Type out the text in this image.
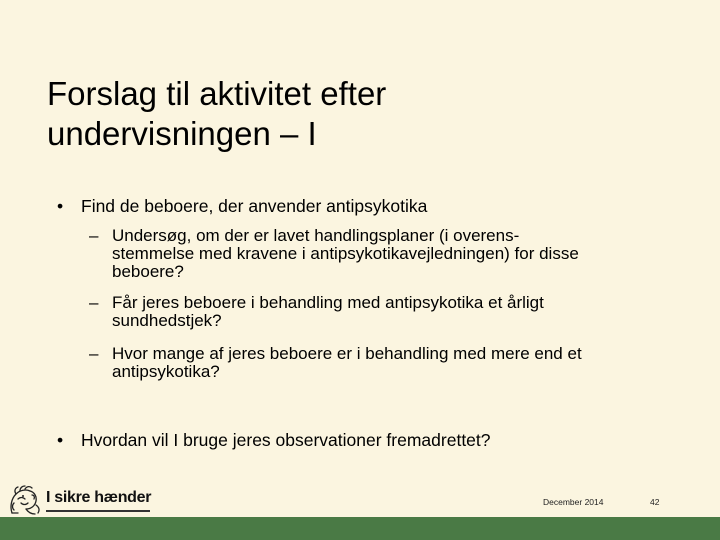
Forslag til aktivitet efter
undervisningen – I
•	Find de beboere, der anvender antipsykotika
– Undersøg, om der er lavet handlingsplaner (i overens-
stemmelse med kravene i antipsykotikavejledningen) for disse
beboere?
– Får jeres beboere i behandling med antipsykotika et årligt
sundhedstjek?
– Hvor mange af jeres beboere er i behandling med mere end et
antipsykotika?
•	Hvordan vil I bruge jeres observationer fremadrettet?
I sikre hænder	December 2014	42
